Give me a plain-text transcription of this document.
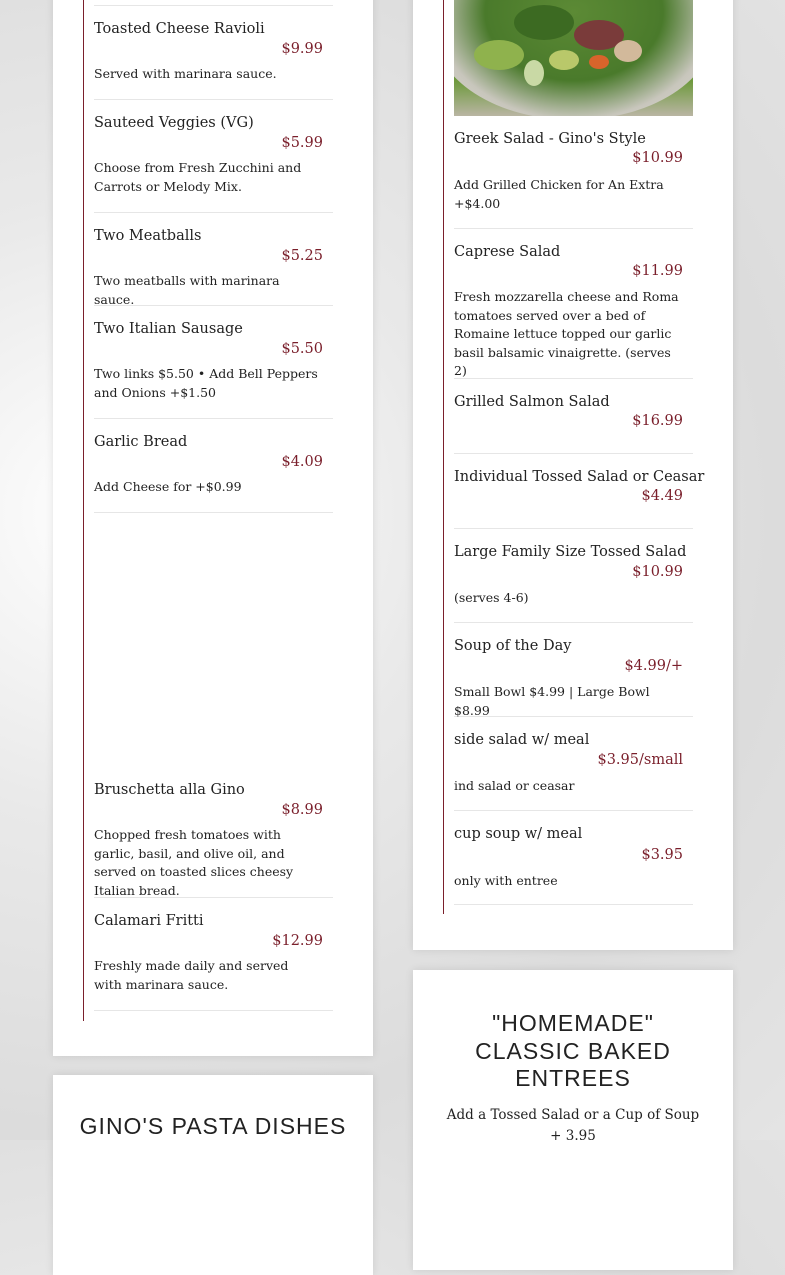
Toasted Cheese Ravioli
$9.99
Served with marinara sauce.
Sauteed Veggies (VG)
$5.99
Choose from Fresh Zucchini and Carrots or Melody Mix.
Two Meatballs
$5.25
Two meatballs with marinara sauce.
Two Italian Sausage
$5.50
Two links $5.50 • Add Bell Peppers and Onions +$1.50
Garlic Bread
$4.09
Add Cheese for +$0.99
Bruschetta alla Gino
$8.99
Chopped fresh tomatoes with garlic, basil, and olive oil, and served on toasted slices cheesy Italian bread.
Calamari Fritti
$12.99
Freshly made daily and served with marinara sauce.
Greek Salad - Gino's Style
$10.99
Add Grilled Chicken for An Extra +$4.00
Caprese Salad
$11.99
Fresh mozzarella cheese and Roma tomatoes served over a bed of Romaine lettuce topped our garlic basil balsamic vinaigrette. (serves 2)
Grilled Salmon Salad
$16.99
Individual Tossed Salad or Ceasar
$4.49
Large Family Size Tossed Salad
$10.99
(serves 4-6)
Soup of the Day
$4.99/+
Small Bowl $4.99 | Large Bowl $8.99
side salad w/ meal
$3.95/small
ind salad or ceasar
cup soup w/ meal
$3.95
only with entree
GINO'S PASTA DISHES
"HOMEMADE"
CLASSIC BAKED
ENTREES
Add a Tossed Salad or a Cup of Soup + 3.95
